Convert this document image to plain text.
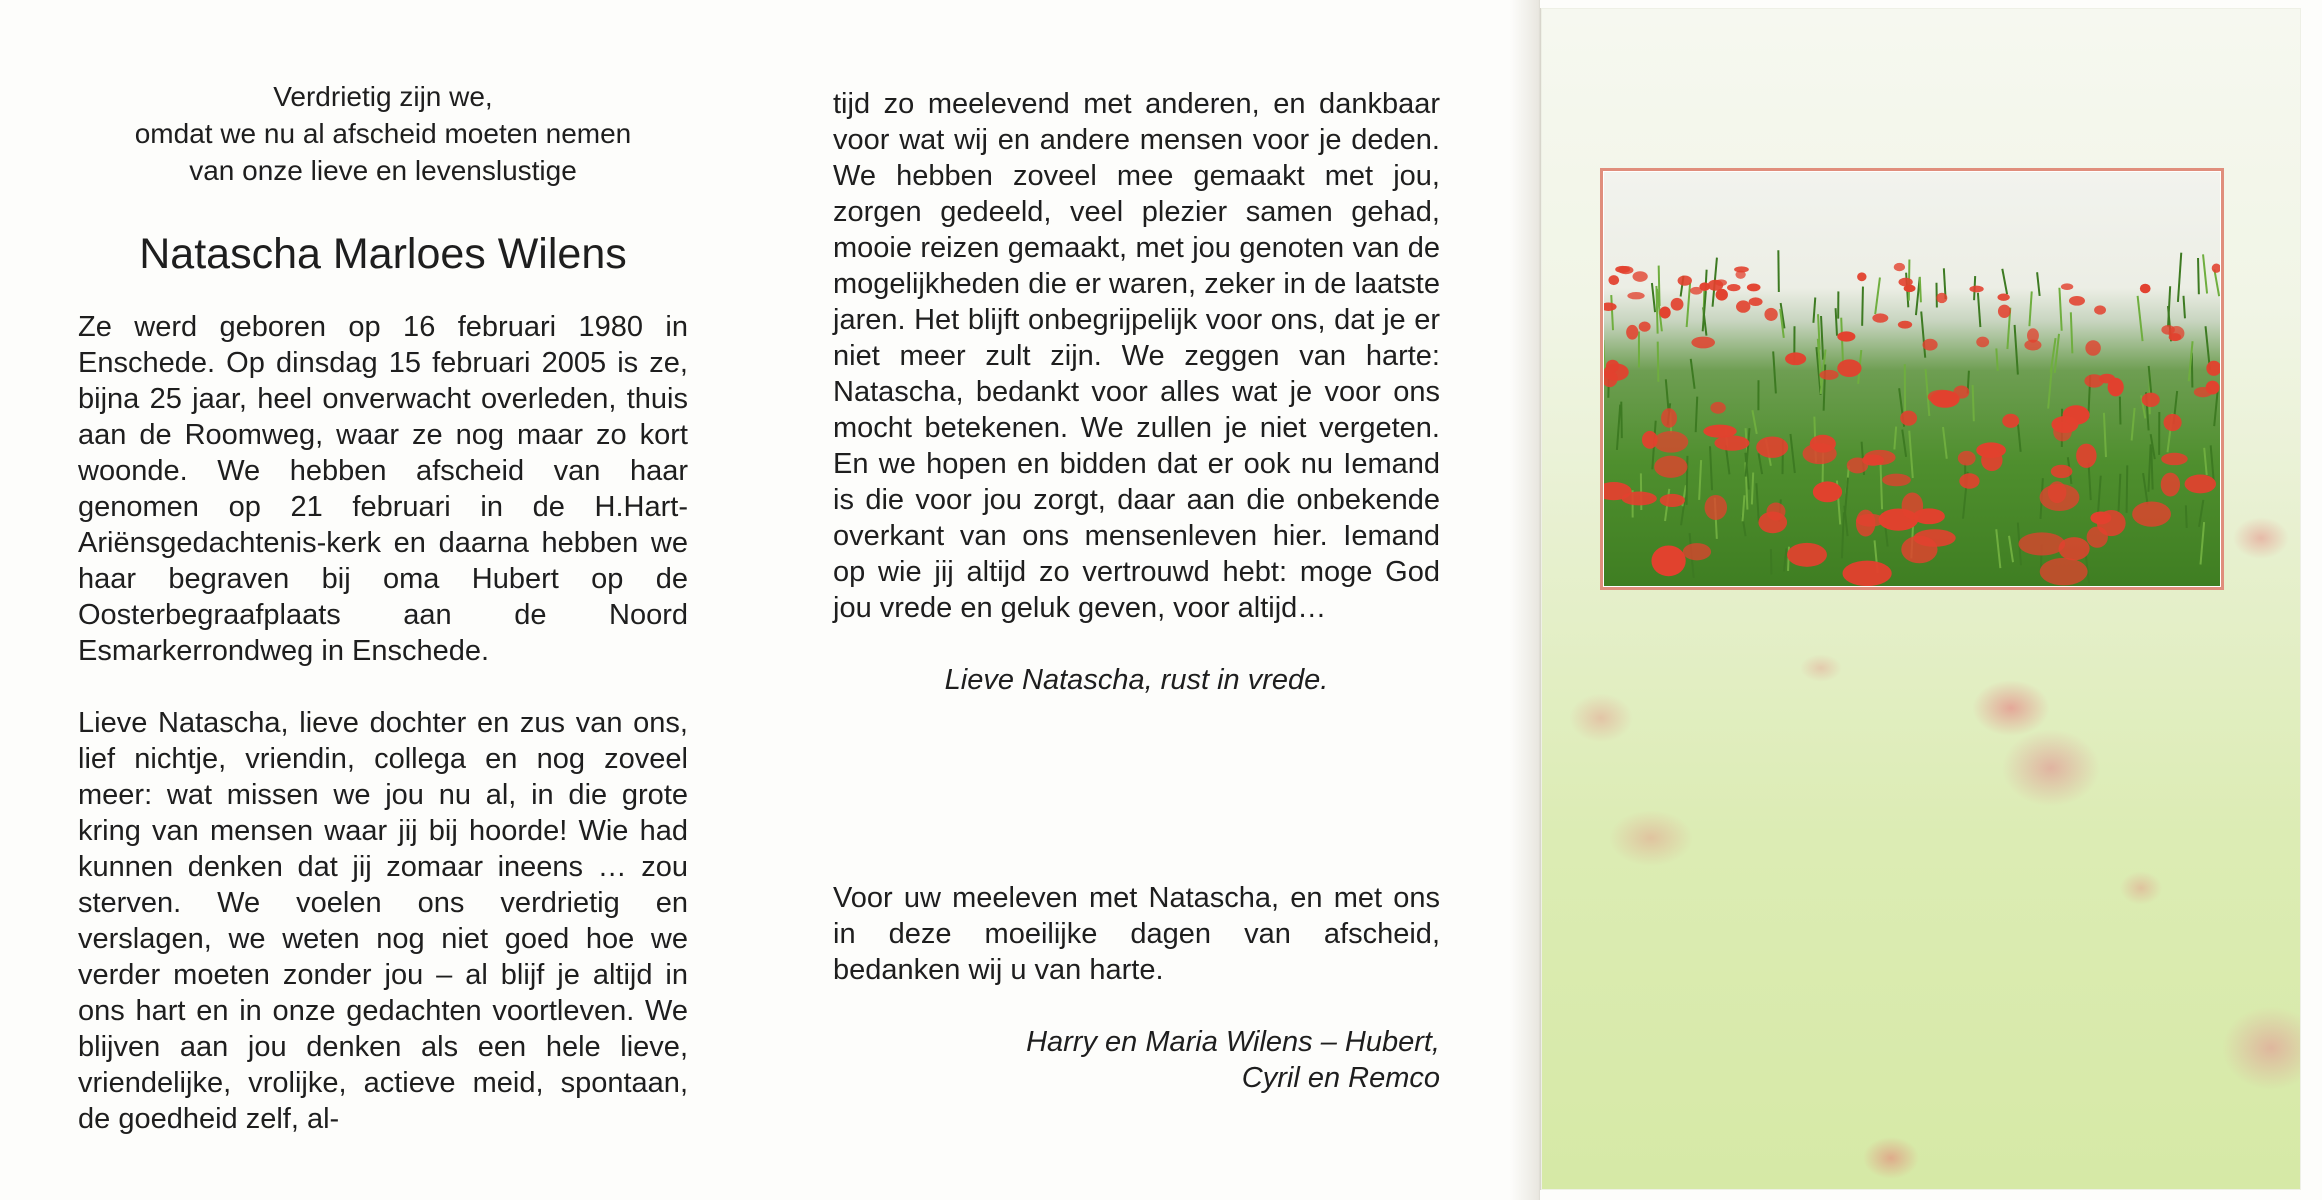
Verdrietig zijn we,
omdat we nu al afscheid moeten nemen
van onze lieve en levenslustige

Natascha Marloes Wilens

Ze werd geboren op 16 februari 1980 in Enschede. Op dinsdag 15 februari 2005 is ze, bijna 25 jaar, heel onverwacht overleden, thuis aan de Roomweg, waar ze nog maar zo kort woonde. We hebben afscheid van haar genomen op 21 februari in de H.Hart-Ariënsgedachtenis-kerk en daarna hebben we haar begraven bij oma Hubert op de Oosterbegraafplaats aan de Noord Esmarkerrondweg in Enschede.

Lieve Natascha, lieve dochter en zus van ons, lief nichtje, vriendin, collega en nog zoveel meer: wat missen we jou nu al, in die grote kring van mensen waar jij bij hoorde! Wie had kunnen denken dat jij zomaar ineens … zou sterven. We voelen ons verdrietig en verslagen, we weten nog niet goed hoe we verder moeten zonder jou – al blijf je altijd in ons hart en in onze gedachten voortleven. We blijven aan jou denken als een hele lieve, vriendelijke, vrolijke, actieve meid, spontaan, de goedheid zelf, al-

tijd zo meelevend met anderen, en dankbaar voor wat wij en andere mensen voor je deden. We hebben zoveel mee gemaakt met jou, zorgen gedeeld, veel plezier samen gehad, mooie reizen gemaakt, met jou genoten van de mogelijkheden die er waren, zeker in de laatste jaren. Het blijft onbegrijpelijk voor ons, dat je er niet meer zult zijn. We zeggen van harte: Natascha, bedankt voor alles wat je voor ons mocht betekenen. We zullen je niet vergeten. En we hopen en bidden dat er ook nu Iemand is die voor jou zorgt, daar aan die onbekende overkant van ons mensenleven hier. Iemand op wie jij altijd zo vertrouwd hebt: moge God jou vrede en geluk geven, voor altijd…

Lieve Natascha, rust in vrede.

Voor uw meeleven met Natascha, en met ons in deze moeilijke dagen van afscheid, bedanken wij u van harte.

Harry en Maria Wilens – Hubert,
Cyril en Remco
